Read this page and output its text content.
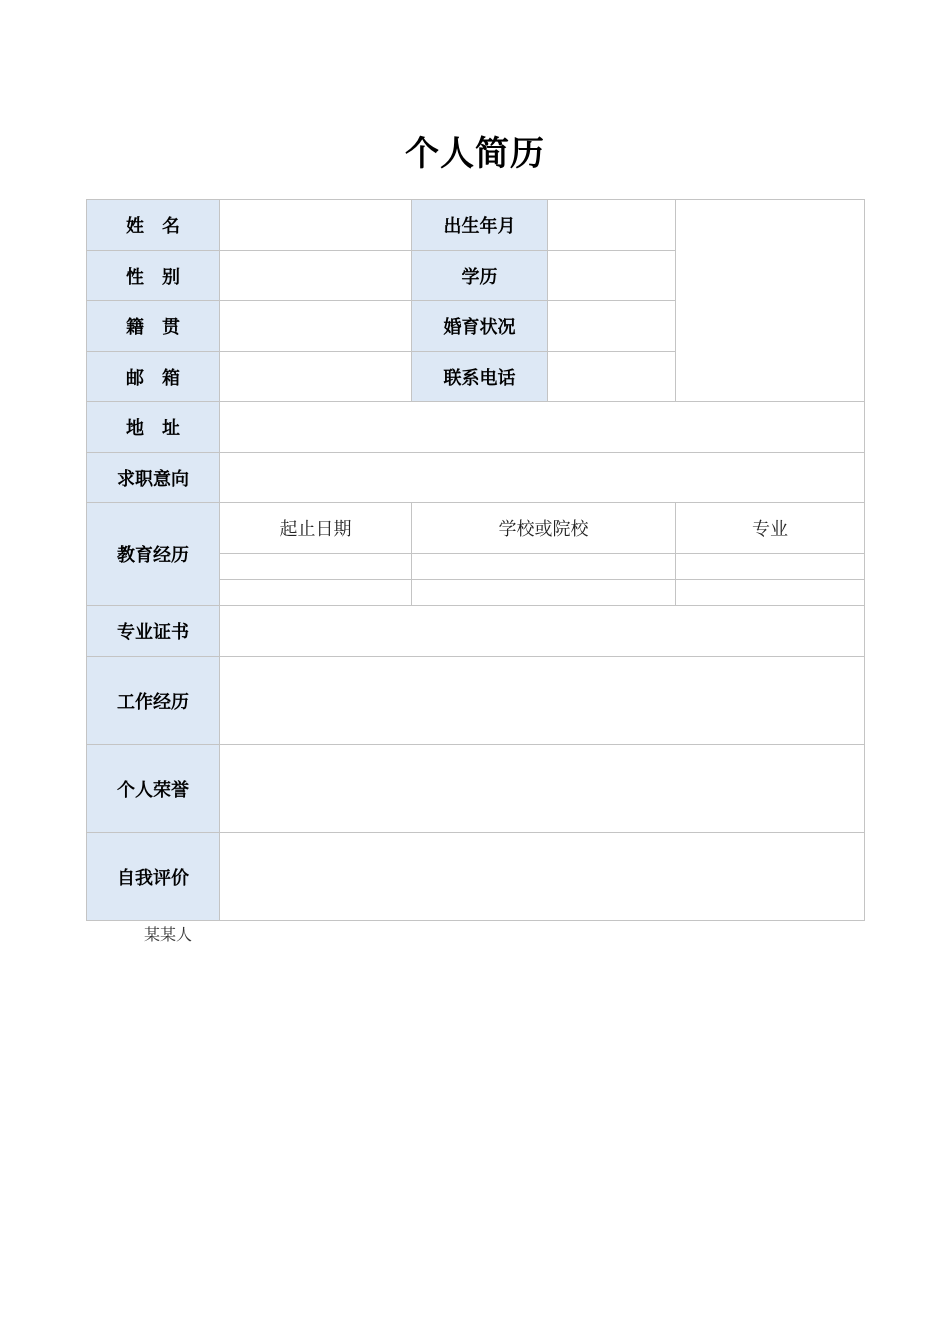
个人简历
姓　名		出生年月		
性　别		学历		
籍　贯		婚育状况		
邮　箱		联系电话		
地　址				
求职意向				
教育经历	起止日期	学校或院校		专业

专业证书				
工作经历				
个人荣誉				
自我评价				
某某人
